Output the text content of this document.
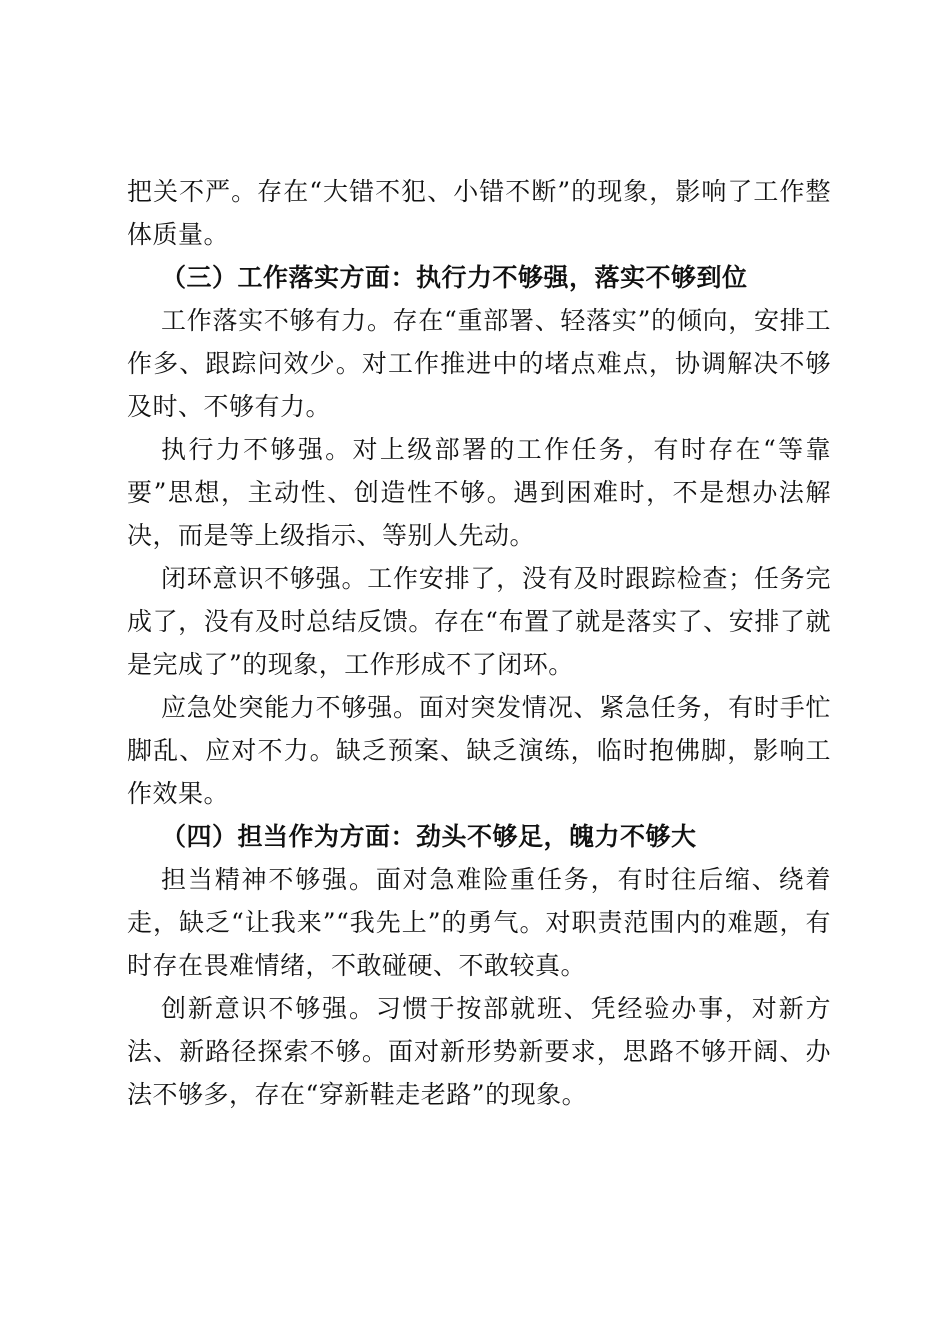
把关不严。存在“大错不犯、小错不断”的现象，影响了工作整体质量。

（三）工作落实方面：执行力不够强，落实不够到位

工作落实不够有力。存在“重部署、轻落实”的倾向，安排工作多、跟踪问效少。对工作推进中的堵点难点，协调解决不够及时、不够有力。

执行力不够强。对上级部署的工作任务，有时存在“等靠要”思想，主动性、创造性不够。遇到困难时，不是想办法解决，而是等上级指示、等别人先动。

闭环意识不够强。工作安排了，没有及时跟踪检查；任务完成了，没有及时总结反馈。存在“布置了就是落实了、安排了就是完成了”的现象，工作形成不了闭环。

应急处突能力不够强。面对突发情况、紧急任务，有时手忙脚乱、应对不力。缺乏预案、缺乏演练，临时抱佛脚，影响工作效果。

（四）担当作为方面：劲头不够足，魄力不够大

担当精神不够强。面对急难险重任务，有时往后缩、绕着走，缺乏“让我来”“我先上”的勇气。对职责范围内的难题，有时存在畏难情绪，不敢碰硬、不敢较真。

创新意识不够强。习惯于按部就班、凭经验办事，对新方法、新路径探索不够。面对新形势新要求，思路不够开阔、办法不够多，存在“穿新鞋走老路”的现象。
